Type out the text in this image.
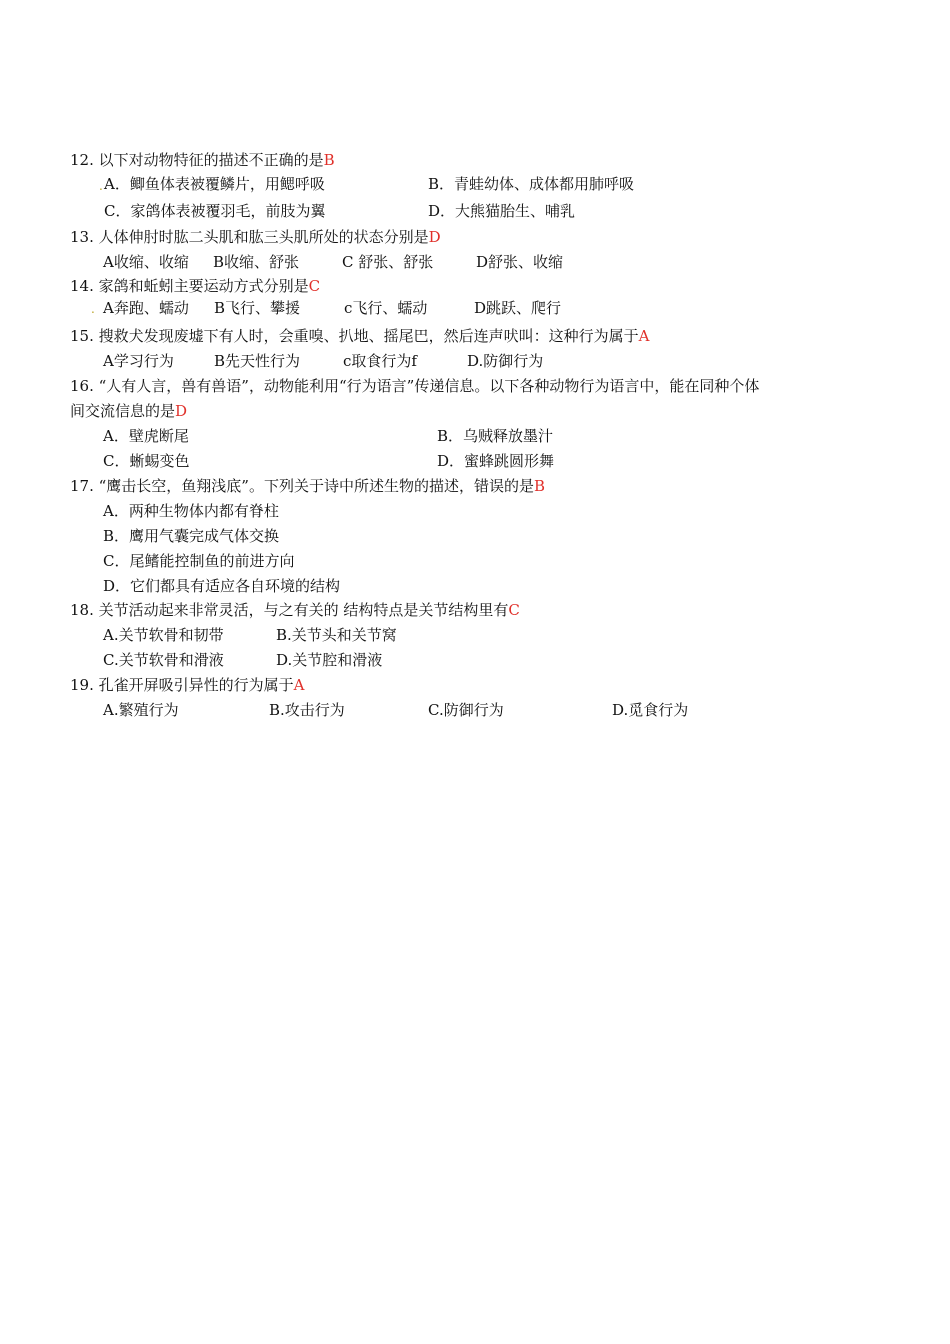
12. 以下对动物特征的描述不正确的是B
. A．鲫鱼体表被覆鳞片，用鳃呼吸	B．青蛙幼体、成体都用肺呼吸
C．家鸽体表被覆羽毛，前肢为翼	D．大熊猫胎生、哺乳
13. 人体伸肘时肱二头肌和肱三头肌所处的状态分别是D
A收缩、收缩 B收缩、舒张	C 舒张、舒张	D舒张、收缩
14. 家鸽和蚯蚓主要运动方式分别是C
. A奔跑、蠕动 B飞行、攀援	c飞行、蠕动	D跳跃、爬行
15. 搜救犬发现废墟下有人时，会重嗅、扒地、摇尾巴，然后连声吠叫：这种行为属于A
A学习行为	B先天性行为	c取食行为f	D.防御行为
16. “人有人言，兽有兽语”，动物能利用“行为语言”传递信息。以下各种动物行为语言中，能在同种个体
间交流信息的是D
A．壁虎断尾	B．乌贼释放墨汁
C．蜥蜴变色	D．蜜蜂跳圆形舞
17. “鹰击长空，鱼翔浅底”。下列关于诗中所述生物的描述，错误的是B
A．两种生物体内都有脊柱
B．鹰用气囊完成气体交换
C．尾鳍能控制鱼的前进方向
D．它们都具有适应各自环境的结构
18. 关节活动起来非常灵活，与之有关的 结构特点是关节结构里有C
A.关节软骨和韧带	B.关节头和关节窝
C.关节软骨和滑液	D.关节腔和滑液
19. 孔雀开屏吸引异性的行为属于A
A.繁殖行为	B.攻击行为	C.防御行为	D.觅食行为
